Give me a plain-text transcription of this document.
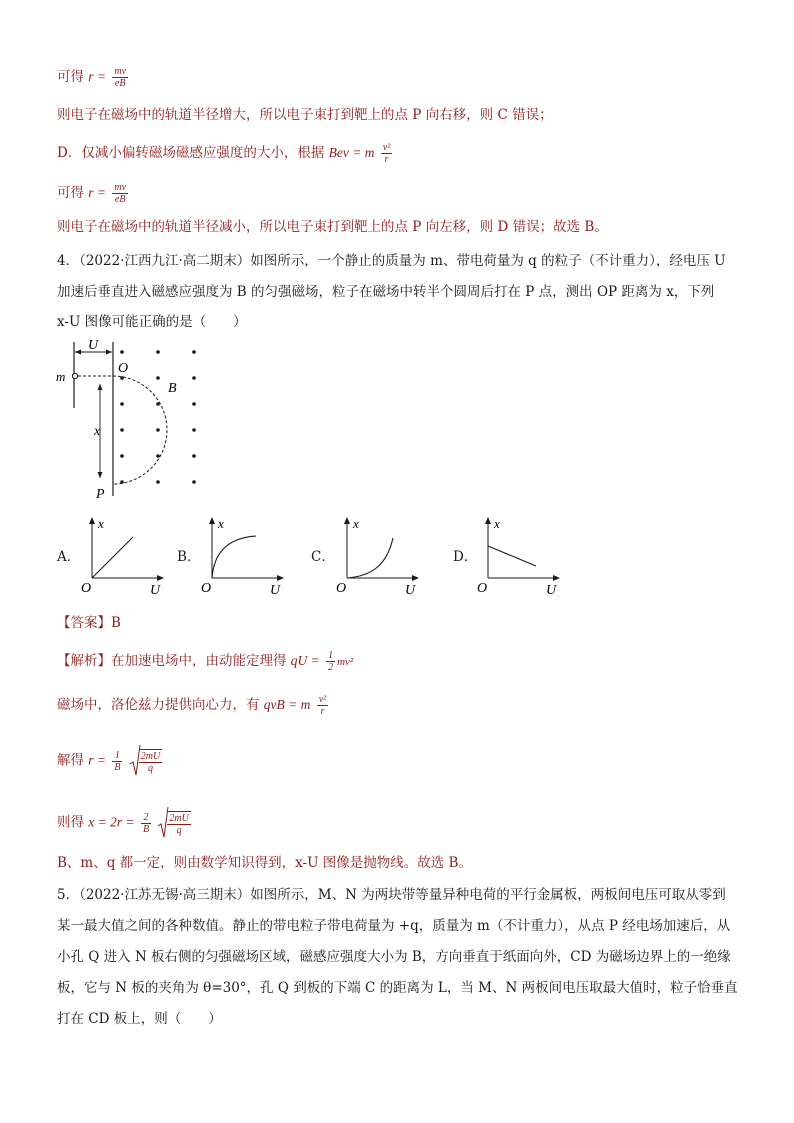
可得 $r = \frac{mv}{eB}$
则电子在磁场中的轨道半径增大，所以电子束打到靶上的点 P 向右移，则 C 错误；
D．仅减小偏转磁场磁感应强度的大小，根据 Bev = m $\frac{\text{v²}}{r}$
可得 $r = \frac{mv}{eB}$
则电子在磁场中的轨道半径减小，所以电子束打到靶上的点 P 向左移，则 D 错误；故选 B。
4．（2022·江西九江·高二期末）如图所示，一个静止的质量为 m、带电荷量为 q 的粒子（不计重力），经电压 U
加速后垂直进入磁感应强度为 B 的匀强磁场，粒子在磁场中转半个圆周后打在 P 点，测出 OP 距离为 x，下列
x-U 图像可能正确的是（　　）
U
m
O
B
x
P
A．
x
U
O
B．
x
U
O
C．
x
U
O
D．
x
U
O
【答案】B
【解析】在加速电场中，由动能定理得 qU = $\frac{1}{2} mv^2$
磁场中，洛伦兹力提供向心力，有 qvB = m $\frac{\text{v²}}{r}$
解得 $r = \frac{1}{B}$
$\frac{2mU}{q}$
则得 $x = 2r = \frac{2}{B}$
$\frac{2mU}{q}$
B、m、q 都一定，则由数学知识得到，x-U 图像是抛物线。故选 B。
5．（2022·江苏无锡·高三期末）如图所示，M、N 为两块带等量异种电荷的平行金属板，两板间电压可取从零到
某一最大值之间的各种数值。静止的带电粒子带电荷量为 +q，质量为 m（不计重力），从点 P 经电场加速后，从
小孔 Q 进入 N 板右侧的匀强磁场区域，磁感应强度大小为 B，方向垂直于纸面向外，CD 为磁场边界上的一绝缘
板，它与 N 板的夹角为 θ=30°，孔 Q 到板的下端 C 的距离为 L，当 M、N 两板间电压取最大值时，粒子恰垂直
打在 CD 板上，则（　　）
